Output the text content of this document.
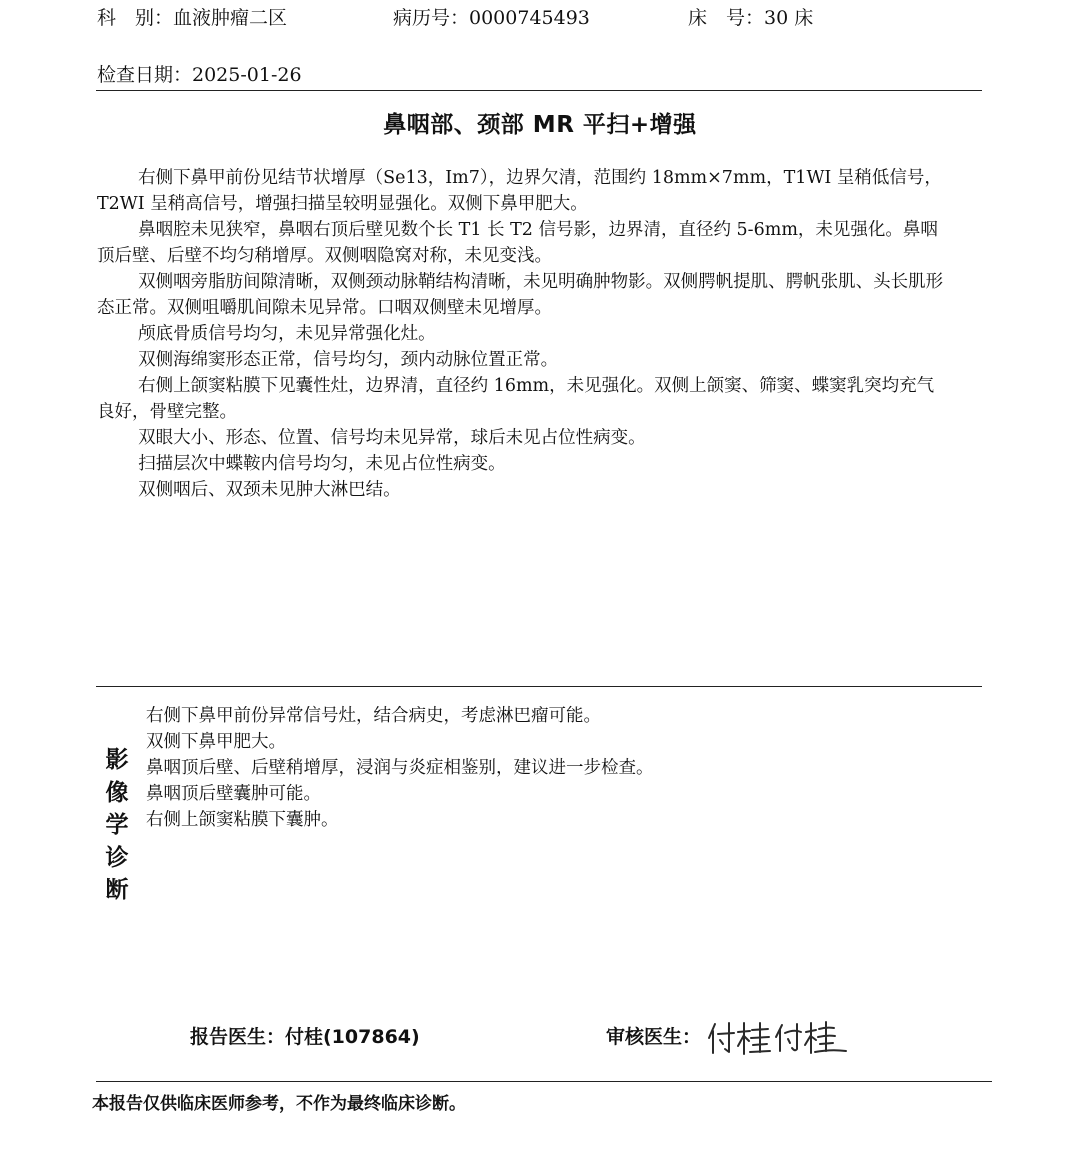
科　别：血液肿瘤二区	病历号：0000745493	床　号：30 床
检查日期：2025-01-26
鼻咽部、颈部 MR 平扫+增强

右侧下鼻甲前份见结节状增厚（Se13，Im7），边界欠清，范围约 18mm×7mm，T1WI 呈稍低信号，T2WI 呈稍高信号，增强扫描呈较明显强化。双侧下鼻甲肥大。

鼻咽腔未见狭窄，鼻咽右顶后壁见数个长 T1 长 T2 信号影，边界清，直径约 5-6mm，未见强化。鼻咽顶后壁、后壁不均匀稍增厚。双侧咽隐窝对称，未见变浅。

双侧咽旁脂肪间隙清晰，双侧颈动脉鞘结构清晰，未见明确肿物影。双侧腭帆提肌、腭帆张肌、头长肌形态正常。双侧咀嚼肌间隙未见异常。口咽双侧壁未见增厚。

颅底骨质信号均匀，未见异常强化灶。

双侧海绵窦形态正常，信号均匀，颈内动脉位置正常。

右侧上颌窦粘膜下见囊性灶，边界清，直径约 16mm，未见强化。双侧上颌窦、筛窦、蝶窦乳突均充气良好，骨壁完整。

双眼大小、形态、位置、信号均未见异常，球后未见占位性病变。

扫描层次中蝶鞍内信号均匀，未见占位性病变。

双侧咽后、双颈未见肿大淋巴结。

影
像
学
诊
断
右侧下鼻甲前份异常信号灶，结合病史，考虑淋巴瘤可能。
双侧下鼻甲肥大。
鼻咽顶后壁、后壁稍增厚，浸润与炎症相鉴别，建议进一步检查。
鼻咽顶后壁囊肿可能。
右侧上颌窦粘膜下囊肿。
报告医生：付桂(107864)	审核医生：
本报告仅供临床医师参考，不作为最终临床诊断。
